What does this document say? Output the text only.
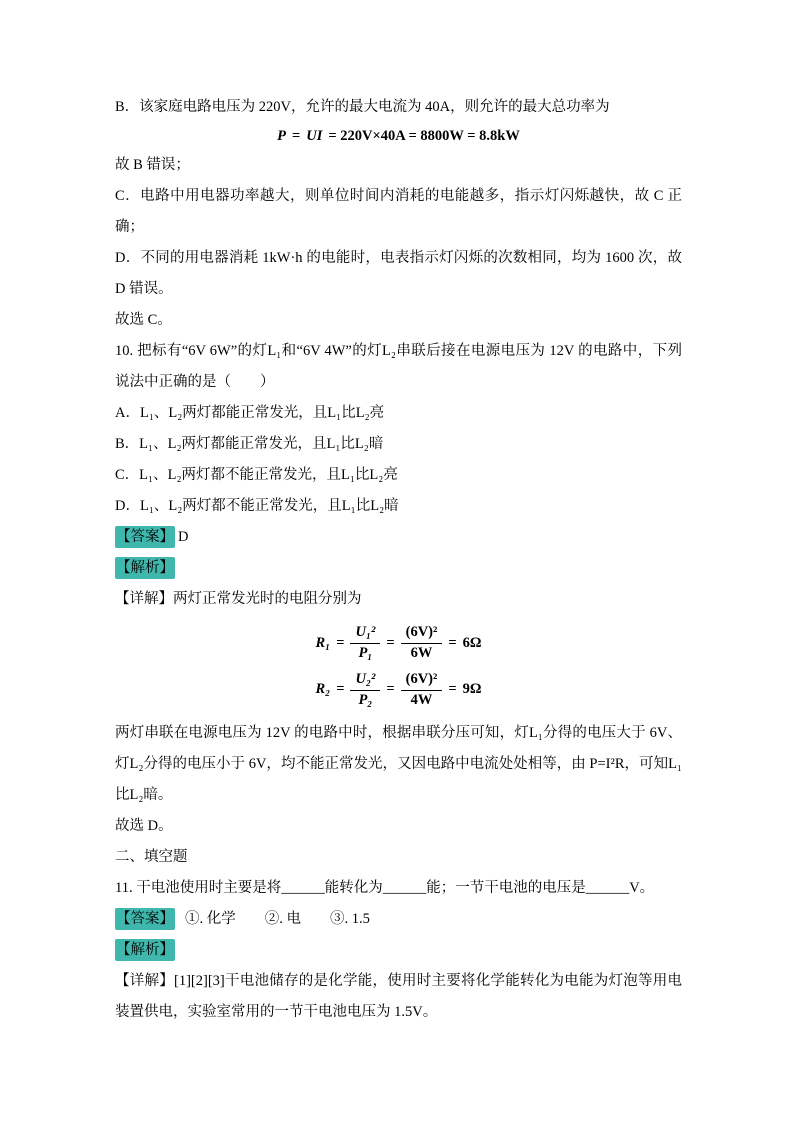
B．该家庭电路电压为 220V，允许的最大电流为 40A，则允许的最大总功率为

P = UI = 220V×40A = 8800W = 8.8kW

故 B 错误；

C．电路中用电器功率越大，则单位时间内消耗的电能越多，指示灯闪烁越快，故 C 正确；

D．不同的用电器消耗 1kW·h 的电能时，电表指示灯闪烁的次数相同，均为 1600 次，故 D 错误。

故选 C。

10. 把标有“6V 6W”的灯L₁和“6V 4W”的灯L₂串联后接在电源电压为 12V 的电路中，下列说法中正确的是（　　）

A．L₁、L₂两灯都能正常发光，且L₁比L₂亮

B．L₁、L₂两灯都能正常发光，且L₁比L₂暗

C．L₁、L₂两灯都不能正常发光，且L₁比L₂亮

D．L₁、L₂两灯都不能正常发光，且L₁比L₂暗

【答案】 D

【解析】

【详解】两灯正常发光时的电阻分别为

$R_1 = \frac{\text{U₁²}}{\text{P₁}} = \frac{\text{(6V)²}}{6W} = 6\Omega$
$R_2 = \frac{\text{U₂²}}{\text{P₂}} = \frac{\text{(6V)²}}{4W} = 9\Omega$

两灯串联在电源电压为 12V 的电路中时，根据串联分压可知，灯L₁分得的电压大于 6V、灯L₂分得的电压小于 6V，均不能正常发光，又因电路中电流处处相等，由 P=I²R，可知L₁比L₂暗。

故选 D。

二、填空题

11. 干电池使用时主要是将______能转化为______能；一节干电池的电压是______V。

【答案】 ①. 化学　　②. 电　　③. 1.5

【解析】

【详解】[1][2][3]干电池储存的是化学能，使用时主要将化学能转化为电能为灯泡等用电装置供电，实验室常用的一节干电池电压为 1.5V。
